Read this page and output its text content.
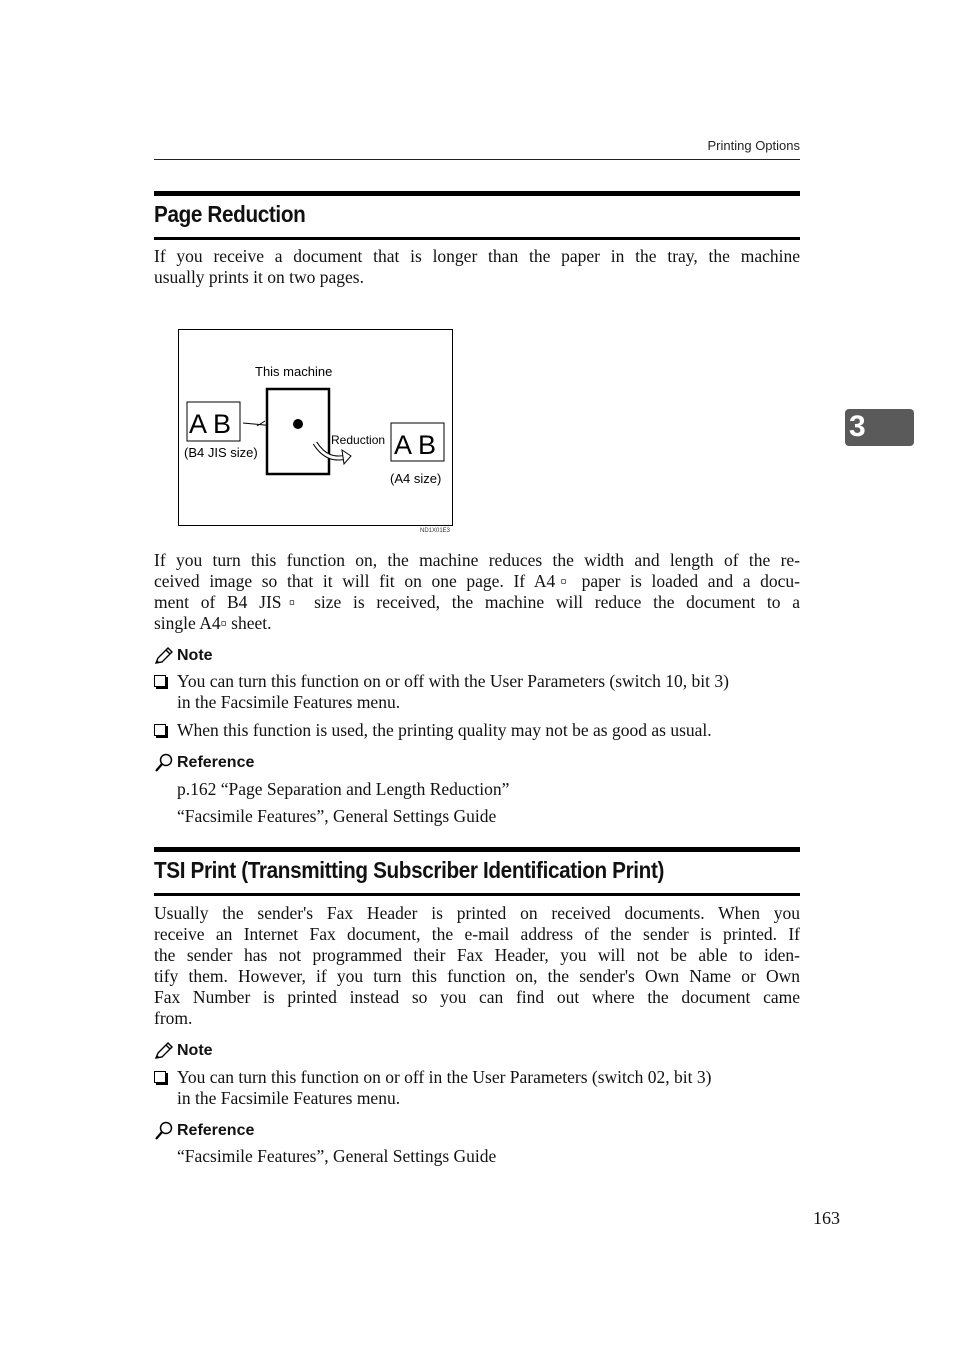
Printing Options
3
Page Reduction
If you receive a document that is longer than the paper in the tray, the machine
usually prints it on two pages.
A B
(B4 JIS size)
This machine
Reduction A B
(A4 size)
ND1X01E3
If you turn this function on, the machine reduces the width and length of the re-
ceived image so that it will fit on one page. If A4▫ paper is loaded and a docu-
ment of B4 JIS▫ size is received, the machine will reduce the document to a
single A4▫ sheet.
Note
You can turn this function on or off with the User Parameters (switch 10, bit 3)
in the Facsimile Features menu.
When this function is used, the printing quality may not be as good as usual.
Reference
p.162 “Page Separation and Length Reduction”
“Facsimile Features”, General Settings Guide
TSI Print (Transmitting Subscriber Identification Print)
Usually the sender's Fax Header is printed on received documents. When you
receive an Internet Fax document, the e-mail address of the sender is printed. If
the sender has not programmed their Fax Header, you will not be able to iden-
tify them. However, if you turn this function on, the sender's Own Name or Own
Fax Number is printed instead so you can find out where the document came
from.
Note
You can turn this function on or off in the User Parameters (switch 02, bit 3)
in the Facsimile Features menu.
Reference
“Facsimile Features”, General Settings Guide
163
